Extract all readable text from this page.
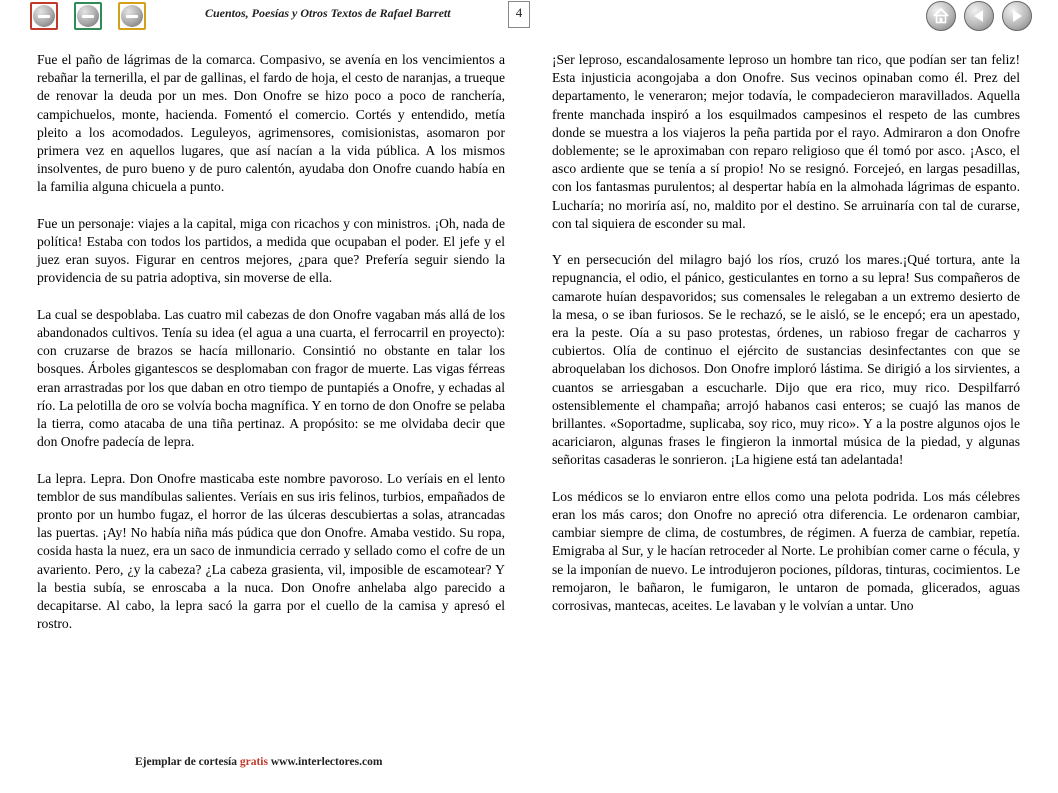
Cuentos, Poesías y Otros Textos de Rafael Barrett	4

Fue el paño de lágrimas de la comarca. Compasivo, se avenía en los vencimientos a rebañar la ternerilla, el par de gallinas, el fardo de hoja, el cesto de naranjas, a trueque de renovar la deuda por un mes. Don Onofre se hizo poco a poco de ranchería, campichuelos, monte, hacienda. Fomentó el comercio. Cortés y entendido, metía pleito a los acomodados. Leguleyos, agrimensores, comisionistas, asomaron por primera vez en aquellos lugares, que así nacían a la vida pública. A los mismos insolventes, de puro bueno y de puro calentón, ayudaba don Onofre cuando había en la familia alguna chicuela a punto.

Fue un personaje: viajes a la capital, miga con ricachos y con ministros. ¡Oh, nada de política! Estaba con todos los partidos, a medida que ocupaban el poder. El jefe y el juez eran suyos. Figurar en centros mejores, ¿para que? Prefería seguir siendo la providencia de su patria adoptiva, sin moverse de ella.

La cual se despoblaba. Las cuatro mil cabezas de don Onofre vagaban más allá de los abandonados cultivos. Tenía su idea (el agua a una cuarta, el ferrocarril en proyecto): con cruzarse de brazos se hacía millonario. Consintió no obstante en talar los bosques. Árboles gigantescos se desplomaban con fragor de muerte. Las vigas férreas eran arrastradas por los que daban en otro tiempo de puntapiés a Onofre, y echadas al río. La pelotilla de oro se volvía bocha magnífica. Y en torno de don Onofre se pelaba la tierra, como atacaba de una tiña pertinaz. A propósito: se me olvidaba decir que don Onofre padecía de lepra.

La lepra. Lepra. Don Onofre masticaba este nombre pavoroso. Lo veríais en el lento temblor de sus mandíbulas salientes. Veríais en sus iris felinos, turbios, empañados de pronto por un humbo fugaz, el horror de las úlceras descubiertas a solas, atrancadas las puertas. ¡Ay! No había niña más púdica que don Onofre. Amaba vestido. Su ropa, cosida hasta la nuez, era un saco de inmundicia cerrado y sellado como el cofre de un avariento. Pero, ¿y la cabeza? ¿La cabeza grasienta, vil, imposible de escamotear? Y la bestia subía, se enroscaba a la nuca. Don Onofre anhelaba algo parecido a decapitarse. Al cabo, la lepra sacó la garra por el cuello de la camisa y apresó el rostro.

¡Ser leproso, escandalosamente leproso un hombre tan rico, que podían ser tan feliz! Esta injusticia acongojaba a don Onofre. Sus vecinos opinaban como él. Prez del departamento, le veneraron; mejor todavía, le compadecieron maravillados. Aquella frente manchada inspiró a los esquilmados campesinos el respeto de las cumbres donde se muestra a los viajeros la peña partida por el rayo. Admiraron a don Onofre doblemente; se le aproximaban con reparo religioso que él tomó por asco. ¡Asco, el asco ardiente que se tenía a sí propio! No se resignó. Forcejeó, en largas pesadillas, con los fantasmas purulentos; al despertar había en la almohada lágrimas de espanto. Lucharía; no moriría así, no, maldito por el destino. Se arruinaría con tal de curarse, con tal siquiera de esconder su mal.

Y en persecución del milagro bajó los ríos, cruzó los mares.¡Qué tortura, ante la repugnancia, el odio, el pánico, gesticulantes en torno a su lepra! Sus compañeros de camarote huían despavoridos; sus comensales le relegaban a un extremo desierto de la mesa, o se iban furiosos. Se le rechazó, se le aisló, se le encepó; era un apestado, era la peste. Oía a su paso protestas, órdenes, un rabioso fregar de cacharros y cubiertos. Olía de continuo el ejército de sustancias desinfectantes con que se abroquelaban los dichosos. Don Onofre imploró lástima. Se dirigió a los sirvientes, a cuantos se arriesgaban a escucharle. Dijo que era rico, muy rico. Despilfarró ostensiblemente el champaña; arrojó habanos casi enteros; se cuajó las manos de brillantes. «Soportadme, suplicaba, soy rico, muy rico». Y a la postre algunos ojos le acariciaron, algunas frases le fingieron la inmortal música de la piedad, y algunas señoritas casaderas le sonrieron. ¡La higiene está tan adelantada!

Los médicos se lo enviaron entre ellos como una pelota podrida. Los más célebres eran los más caros; don Onofre no apreció otra diferencia. Le ordenaron cambiar, cambiar siempre de clima, de costumbres, de régimen. A fuerza de cambiar, repetía. Emigraba al Sur, y le hacían retroceder al Norte. Le prohibían comer carne o fécula, y se la imponían de nuevo. Le introdujeron pociones, píldoras, tinturas, cocimientos. Le remojaron, le bañaron, le fumigaron, le untaron de pomada, glicerados, aguas corrosivas, mantecas, aceites. Le lavaban y le volvían a untar. Uno

Ejemplar de cortesía gratis www.interlectores.com
